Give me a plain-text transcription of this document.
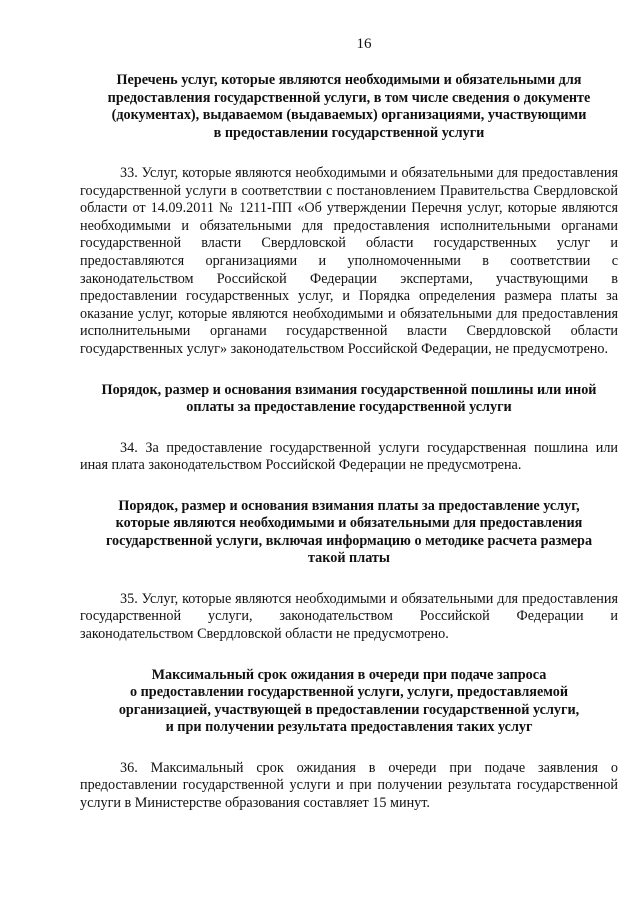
16
Перечень услуг, которые являются необходимыми и обязательными для
предоставления государственной услуги, в том числе сведения о документе
(документах), выдаваемом (выдаваемых) организациями, участвующими
в предоставлении государственной услуги

33. Услуг, которые являются необходимыми и обязательными для предоставления государственной услуги в соответствии с постановлением Правительства Свердловской области от 14.09.2011 № 1211-ПП «Об утверждении Перечня услуг, которые являются необходимыми и обязательными для предоставления исполнительными органами государственной власти Свердловской области государственных услуг и предоставляются организациями и уполномоченными в соответствии с законодательством Российской Федерации экспертами, участвующими в предоставлении государственных услуг, и Порядка определения размера платы за оказание услуг, которые являются необходимыми и обязательными для предоставления исполнительными органами государственной власти Свердловской области государственных услуг» законодательством Российской Федерации, не предусмотрено.

Порядок, размер и основания взимания государственной пошлины или иной
оплаты за предоставление государственной услуги

34. За предоставление государственной услуги государственная пошлина или иная плата законодательством Российской Федерации не предусмотрена.

Порядок, размер и основания взимания платы за предоставление услуг,
которые являются необходимыми и обязательными для предоставления
государственной услуги, включая информацию о методике расчета размера
такой платы

35. Услуг, которые являются необходимыми и обязательными для предоставления государственной услуги, законодательством Российской Федерации и законодательством Свердловской области не предусмотрено.

Максимальный срок ожидания в очереди при подаче запроса
о предоставлении государственной услуги, услуги, предоставляемой
организацией, участвующей в предоставлении государственной услуги,
и при получении результата предоставления таких услуг

36. Максимальный срок ожидания в очереди при подаче заявления о предоставлении государственной услуги и при получении результата государственной услуги в Министерстве образования составляет 15 минут.
